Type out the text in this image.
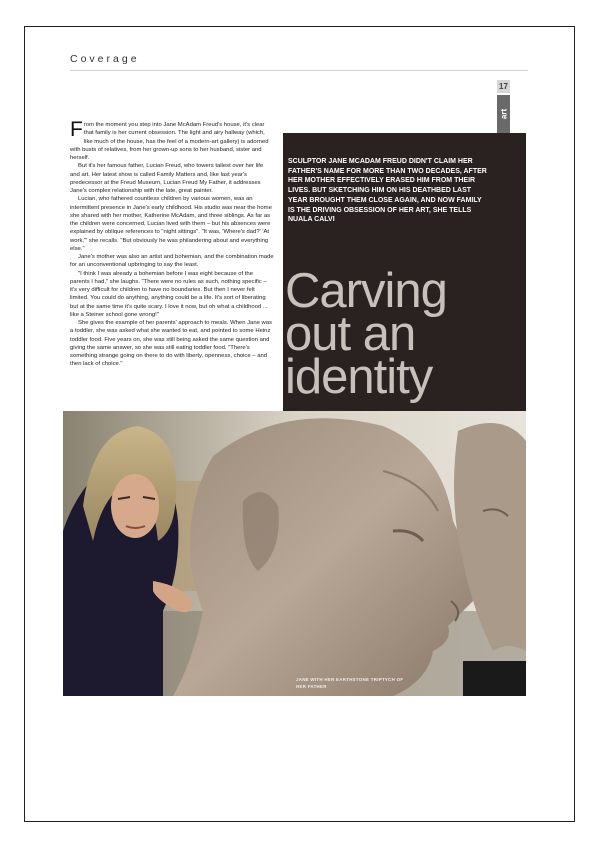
Coverage
17
art

From the moment you step into Jane McAdam Freud's house, it's clear that family is her current obsession. The light and airy hallway (which, like much of the house, has the feel of a modern-art gallery) is adorned with busts of relatives, from her grown-up sons to her husband, sister and herself.

But it's her famous father, Lucian Freud, who towers tallest over her life and art. Her latest show is called Family Matters and, like last year's predecessor at the Freud Museum, Lucian Freud My Father, it addresses Jane's complex relationship with the late, great painter.

Lucian, who fathered countless children by various women, was an intermittent presence in Jane's early childhood. His studio was near the home she shared with her mother, Katherine McAdam, and three siblings. As far as the children were concerned, Lucian lived with them – but his absences were explained by oblique references to "night sittings". "It was, 'Where's dad?' 'At work,'" she recalls. "But obviously he was philandering about and everything else."

Jane's mother was also an artist and bohemian, and the combination made for an unconventional upbringing to say the least.

"I think I was already a bohemian before I was eight because of the parents I had," she laughs. "There were no rules as such, nothing specific – it's very difficult for children to have no boundaries. But then I never felt limited. You could do anything, anything could be a life. It's sort of liberating but at the same time it's quite scary. I love it now, but oh what a childhood ... like a Steiner school gone wrong!"

She gives the example of her parents' approach to meals. When Jane was a toddler, she was asked what she wanted to eat, and pointed to some Heinz toddler food. Five years on, she was still being asked the same question and giving the same answer, so she was still eating toddler food. "There's something strange going on there to do with liberty, openness, choice – and then lack of choice."

SCULPTOR JANE MCADAM FREUD DIDN'T CLAIM HER FATHER'S NAME FOR MORE THAN TWO DECADES, AFTER HER MOTHER EFFECTIVELY ERASED HIM FROM THEIR LIVES. BUT SKETCHING HIM ON HIS DEATHBED LAST YEAR BROUGHT THEM CLOSE AGAIN, AND NOW FAMILY IS THE DRIVING OBSESSION OF HER ART, SHE TELLS NUALA CALVI
Carving
out an
identity
JANE WITH HER EARTHSTONE TRIPTYCH OF HER FATHER
